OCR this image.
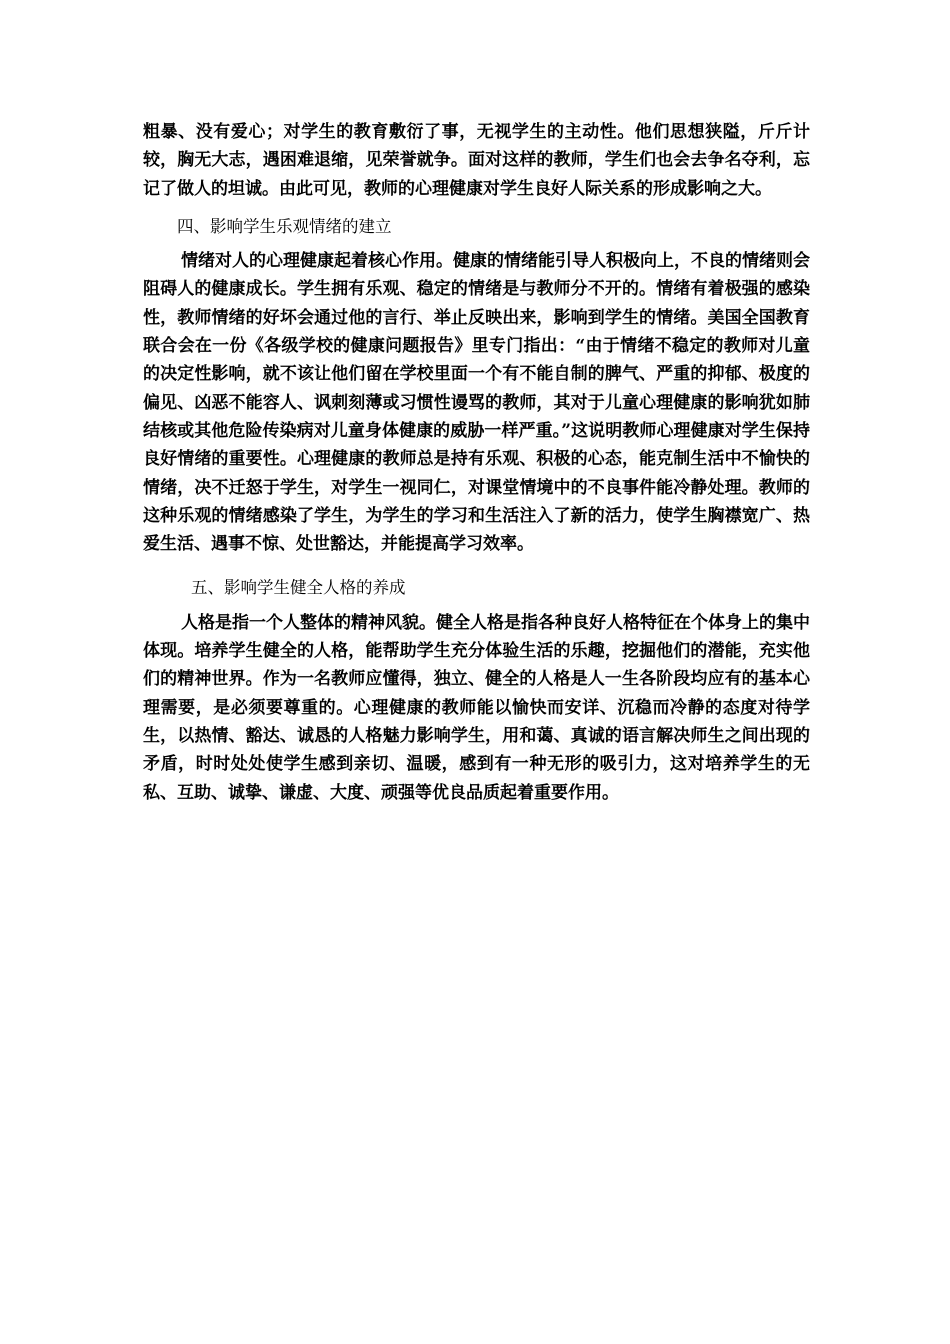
粗暴、没有爱心；对学生的教育敷衍了事，无视学生的主动性。他们思想狭隘，斤斤计较，胸无大志，遇困难退缩，见荣誉就争。面对这样的教师，学生们也会去争名夺利，忘记了做人的坦诚。由此可见，教师的心理健康对学生良好人际关系的形成影响之大。

四、影响学生乐观情绪的建立

情绪对人的心理健康起着核心作用。健康的情绪能引导人积极向上，不良的情绪则会阻碍人的健康成长。学生拥有乐观、稳定的情绪是与教师分不开的。情绪有着极强的感染性，教师情绪的好坏会通过他的言行、举止反映出来，影响到学生的情绪。美国全国教育联合会在一份《各级学校的健康问题报告》里专门指出：“由于情绪不稳定的教师对儿童的决定性影响，就不该让他们留在学校里面一个有不能自制的脾气、严重的抑郁、极度的偏见、凶恶不能容人、讽刺刻薄或习惯性谩骂的教师，其对于儿童心理健康的影响犹如肺结核或其他危险传染病对儿童身体健康的威胁一样严重。”这说明教师心理健康对学生保持良好情绪的重要性。心理健康的教师总是持有乐观、积极的心态，能克制生活中不愉快的情绪，决不迁怒于学生，对学生一视同仁，对课堂情境中的不良事件能冷静处理。教师的这种乐观的情绪感染了学生，为学生的学习和生活注入了新的活力，使学生胸襟宽广、热爱生活、遇事不惊、处世豁达，并能提高学习效率。

五、影响学生健全人格的养成

人格是指一个人整体的精神风貌。健全人格是指各种良好人格特征在个体身上的集中体现。培养学生健全的人格，能帮助学生充分体验生活的乐趣，挖掘他们的潜能，充实他们的精神世界。作为一名教师应懂得，独立、健全的人格是人一生各阶段均应有的基本心理需要，是必须要尊重的。心理健康的教师能以愉快而安详、沉稳而冷静的态度对待学生，以热情、豁达、诚恳的人格魅力影响学生，用和蔼、真诚的语言解决师生之间出现的矛盾，时时处处使学生感到亲切、温暖，感到有一种无形的吸引力，这对培养学生的无私、互助、诚挚、谦虚、大度、顽强等优良品质起着重要作用。
